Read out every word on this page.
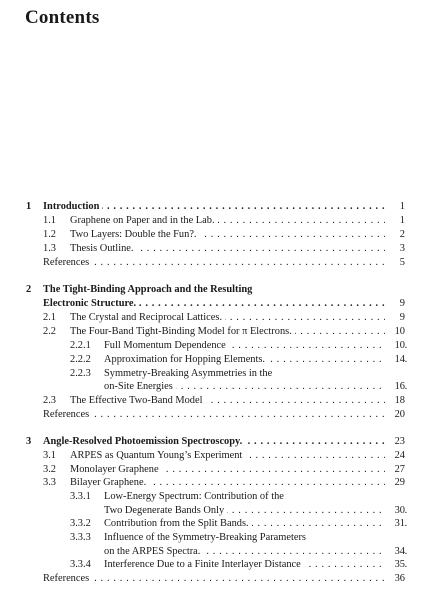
Contents
1 Introduction . . .	1
1.1 Graphene on Paper and in the Lab. . . .	1
1.2 Two Layers: Double the Fun?. . . .	2
1.3 Thesis Outline. . . .	3
References . . .	5
2 The Tight-Binding Approach and the Resulting
Electronic Structure. . . .	9
2.1 The Crystal and Reciprocal Lattices. . . .	9
2.2 The Four-Band Tight-Binding Model for π Electrons. . . .	10
2.2.1 Full Momentum Dependence . . .	10
2.2.2 Approximation for Hopping Elements. . . .	14
2.2.3 Symmetry-Breaking Asymmetries in the
on-Site Energies . . .	16
2.3 The Effective Two-Band Model . . .	18
References . . .	20
3 Angle-Resolved Photoemission Spectroscopy. . . .	23
3.1 ARPES as Quantum Young’s Experiment . . .	24
3.2 Monolayer Graphene . . .	27
3.3 Bilayer Graphene. . . .	29
3.3.1 Low-Energy Spectrum: Contribution of the
Two Degenerate Bands Only . . .	30
3.3.2 Contribution from the Split Bands. . . .	31
3.3.3 Influence of the Symmetry-Breaking Parameters
on the ARPES Spectra. . . .	34
3.3.4 Interference Due to a Finite Interlayer Distance . . .	35
References . . .	36
